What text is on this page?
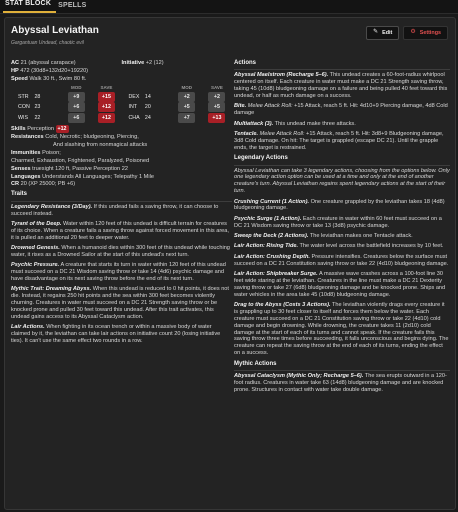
STAT BLOCK	SPELLS
Abyssal Leviathan
Gargantuan Undead, chaotic evil
✎ Edit	⚙ Settings
AC 21 (abyssal carapace)	Initiative +2 (12)
HP 472 (30d8+132d20+19220)
Speed Walk 30 ft., Swim 80 ft.
		MOD	SAVE			MOD	SAVE
STR	28	+9	+15	DEX	14	+2	+2
CON	23	+6	+12	INT	20	+5	+5
WIS	22	+6	+12	CHA	24	+7	+13
Skills Perception +12
Resistances Cold, Necrotic; bludgeoning, Piercing,
And slashing from nonmagical attacks
Immunities Poison;
Charmed, Exhaustion, Frightened, Paralyzed, Poisoned
Senses truesight 120 ft, Passive Perception 22
Languages Understands All Languages; Telepathy 1 Mile
CR 20 (XP 25000; PB +6)
Traits
Legendary Resistance (3/Day). If this undead fails a saving throw, it can choose to succeed instead.
Tyrant of the Deep. Water within 120 feet of this undead is difficult terrain for creatures of its choice. When a creature fails a saving throw against forced movement in this area, it is pulled an additional 20 feet to deeper water.
Drowned Genesis. When a humanoid dies within 300 feet of this undead while touching water, it rises as a Drowned Sailor at the start of this undead's next turn.
Psychic Pressure. A creature that starts its turn in water within 120 feet of this undead must succeed on a DC 21 Wisdom saving throw or take 14 (4d6) psychic damage and have disadvantage on its next saving throw before the end of its next turn.
Mythic Trait: Dreaming Abyss. When this undead is reduced to 0 hit points, it does not die. Instead, it regains 250 hit points and the sea within 300 feet becomes violently churning. Creatures in water must succeed on a DC 21 Strength saving throw or be knocked prone and pulled 30 feet toward this undead. After this trait activates, this undead gains access to its Abyssal Cataclysm action.
Lair Actions. When fighting in its ocean trench or within a massive body of water claimed by it, the leviathan can take lair actions on initiative count 20 (losing initiative ties). It can't use the same effect two rounds in a row.
Actions
Abyssal Maelstrom (Recharge 5–6). This undead creates a 60-foot-radius whirlpool centered on itself. Each creature in water must make a DC 21 Strength saving throw, taking 45 (10d8) bludgeoning damage on a failure and being pulled 40 feet toward this undead, or half as much damage on a success.
Bite. Melee Attack Roll: +15 Attack, reach 5 ft. Hit: 4d10+9 Piercing damage, 4d8 Cold damage
Multiattack (3). This undead make three attacks.
Tentacle. Melee Attack Roll: +15 Attack, reach 5 ft. Hit: 3d8+9 Bludgeoning damage, 3d8 Cold damage. On hit: The target is grappled (escape DC 21). Until the grapple ends, the target is restrained.
Legendary Actions
Abyssal Leviathan can take 3 legendary actions, choosing from the options below. Only one legendary action option can be used at a time and only at the end of another creature's turn. Abyssal Leviathan regains spent legendary actions at the start of their turn.
Crushing Current (1 Action). One creature grappled by the leviathan takes 18 (4d8) bludgeoning damage.
Psychic Surge (1 Action). Each creature in water within 60 feet must succeed on a DC 21 Wisdom saving throw or take 13 (3d8) psychic damage.
Sweep the Deck (2 Actions). The leviathan makes one Tentacle attack.
Lair Action: Rising Tide. The water level across the battlefield increases by 10 feet.
Lair Action: Crushing Depth. Pressure intensifies. Creatures below the surface must succeed on a DC 21 Constitution saving throw or take 22 (4d10) bludgeoning damage.
Lair Action: Shipbreaker Surge. A massive wave crashes across a 100-foot line 30 feet wide staring at the leviathan. Creatures in the line must make a DC 21 Dexterity saving throw or take 27 (6d8) bludgeoning damage and be knocked prone. Ships and water vehicles in the area take 45 (10d8) bludgeoning damage.
Drag to the Abyss (Costs 3 Actions). The leviathan violently drags every creature it is grappling up to 30 feet closer to itself and forces them below the water. Each creature must succeed on a DC 21 Constitution saving throw or take 22 (4d10) cold damage and begin drowning. While drowning, the creature takes 11 (2d10) cold damage at the start of each of its turns and cannot speak. If the creature fails this saving throw three times before succeeding, it falls unconscious and begins dying. The creature can repeat the saving throw at the end of each of its turns, ending the effect on a success.
Mythic Actions
Abyssal Cataclysm (Mythic Only; Recharge 5–6). The sea erupts outward in a 120-foot radius. Creatures in water take 63 (14d8) bludgeoning damage and are knocked prone. Structures in contact with water take double damage.
